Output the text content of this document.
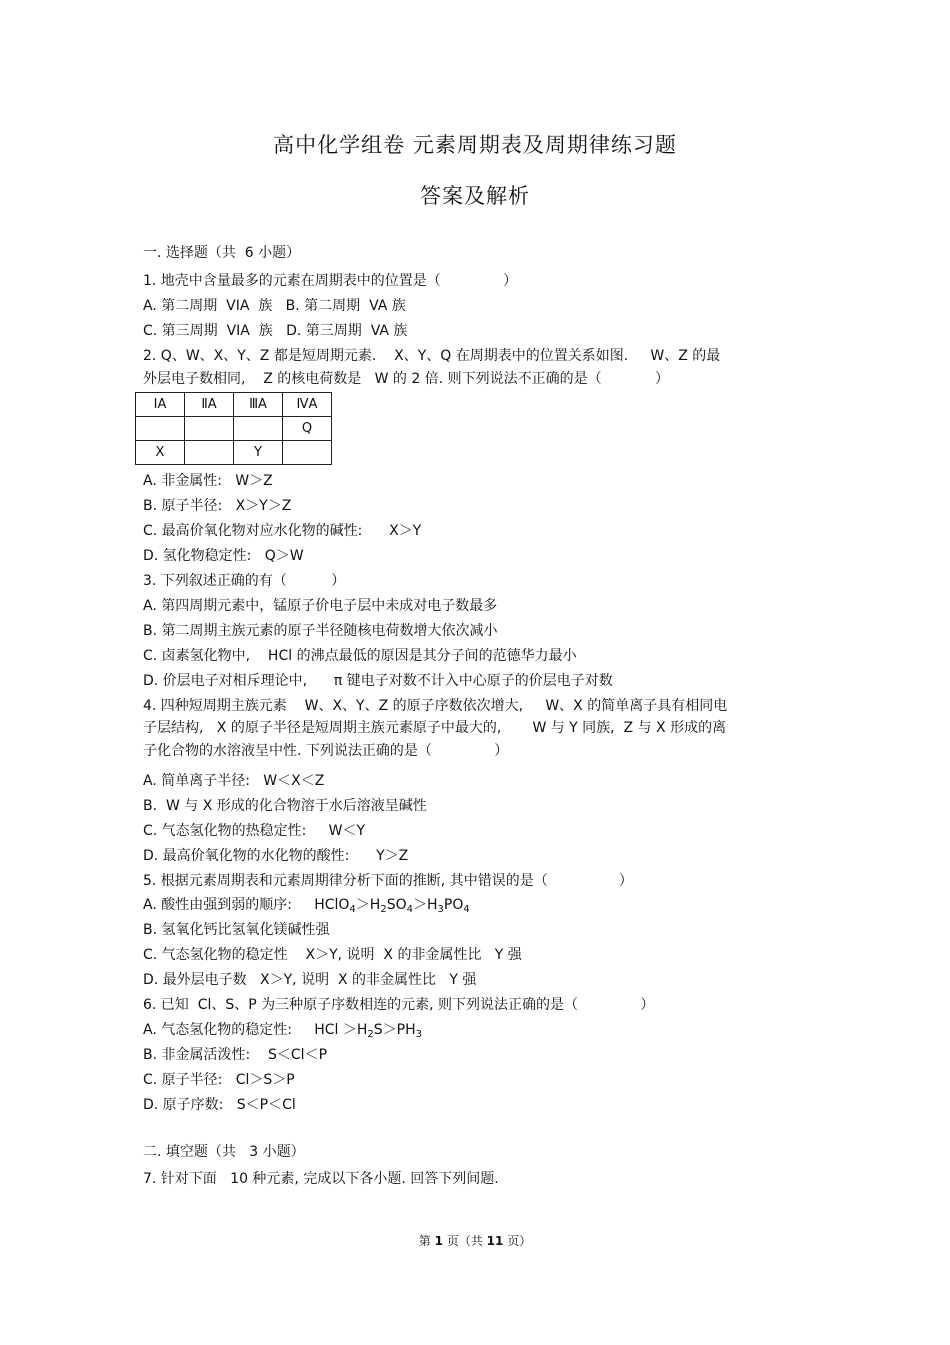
高中化学组卷 元素周期表及周期律练习题
答案及解析
一. 选择题（共  6 小题）
1. 地壳中含量最多的元素在周期表中的位置是（              ）
A. 第二周期  VIA  族   B. 第二周期  VA 族
C. 第三周期  VIA  族   D. 第三周期  VA 族
2. Q、W、X、Y、Z 都是短周期元素.    X、Y、Q 在周期表中的位置关系如图.     W、Z 的最
外层电子数相同,    Z 的核电荷数是   W 的 2 倍. 则下列说法不正确的是（            ）
ⅠA	ⅡA	ⅢA	ⅣA
			Q
X		Y	
A. 非金属性:   W＞Z
B. 原子半径:   X＞Y＞Z
C. 最高价氧化物对应水化物的碱性:      X＞Y
D. 氢化物稳定性:   Q＞W
3. 下列叙述正确的有（          ）
A. 第四周期元素中，锰原子价电子层中未成对电子数最多
B. 第二周期主族元素的原子半径随核电荷数增大依次减小
C. 卤素氢化物中,    HCl 的沸点最低的原因是其分子间的范德华力最小
D. 价层电子对相斥理论中,      π 键电子对数不计入中心原子的价层电子对数
4. 四种短周期主族元素    W、X、Y、Z 的原子序数依次增大,     W、X 的简单离子具有相同电
子层结构,   X 的原子半径是短周期主族元素原子中最大的,       W 与 Y 同族,  Z 与 X 形成的离
子化合物的水溶液呈中性. 下列说法正确的是（              ）
A. 简单离子半径:   W＜X＜Z
B.  W 与 X 形成的化合物溶于水后溶液呈碱性
C. 气态氢化物的热稳定性:     W＜Y
D. 最高价氧化物的水化物的酸性:      Y＞Z
5. 根据元素周期表和元素周期律分析下面的推断, 其中错误的是（                ）
A. 酸性由强到弱的顺序:     $HClO_4>H_2SO_4>H_3PO_4$
B. 氢氧化钙比氢氧化镁碱性强
C. 气态氢化物的稳定性    X＞Y, 说明  X 的非金属性比   Y 强
D. 最外层电子数   X＞Y, 说明  X 的非金属性比   Y 强
6. 已知  Cl、S、P 为三种原子序数相连的元素, 则下列说法正确的是（              ）
A. 气态氢化物的稳定性:     HCl $>H_2S>PH_3$
B. 非金属活泼性:    S＜Cl＜P
C. 原子半径:   Cl＞S＞P
D. 原子序数:   S＜P＜Cl
二. 填空题（共   3 小题）
7. 针对下面   10 种元素, 完成以下各小题. 回答下列间题.
第 1 页（共 11 页）
